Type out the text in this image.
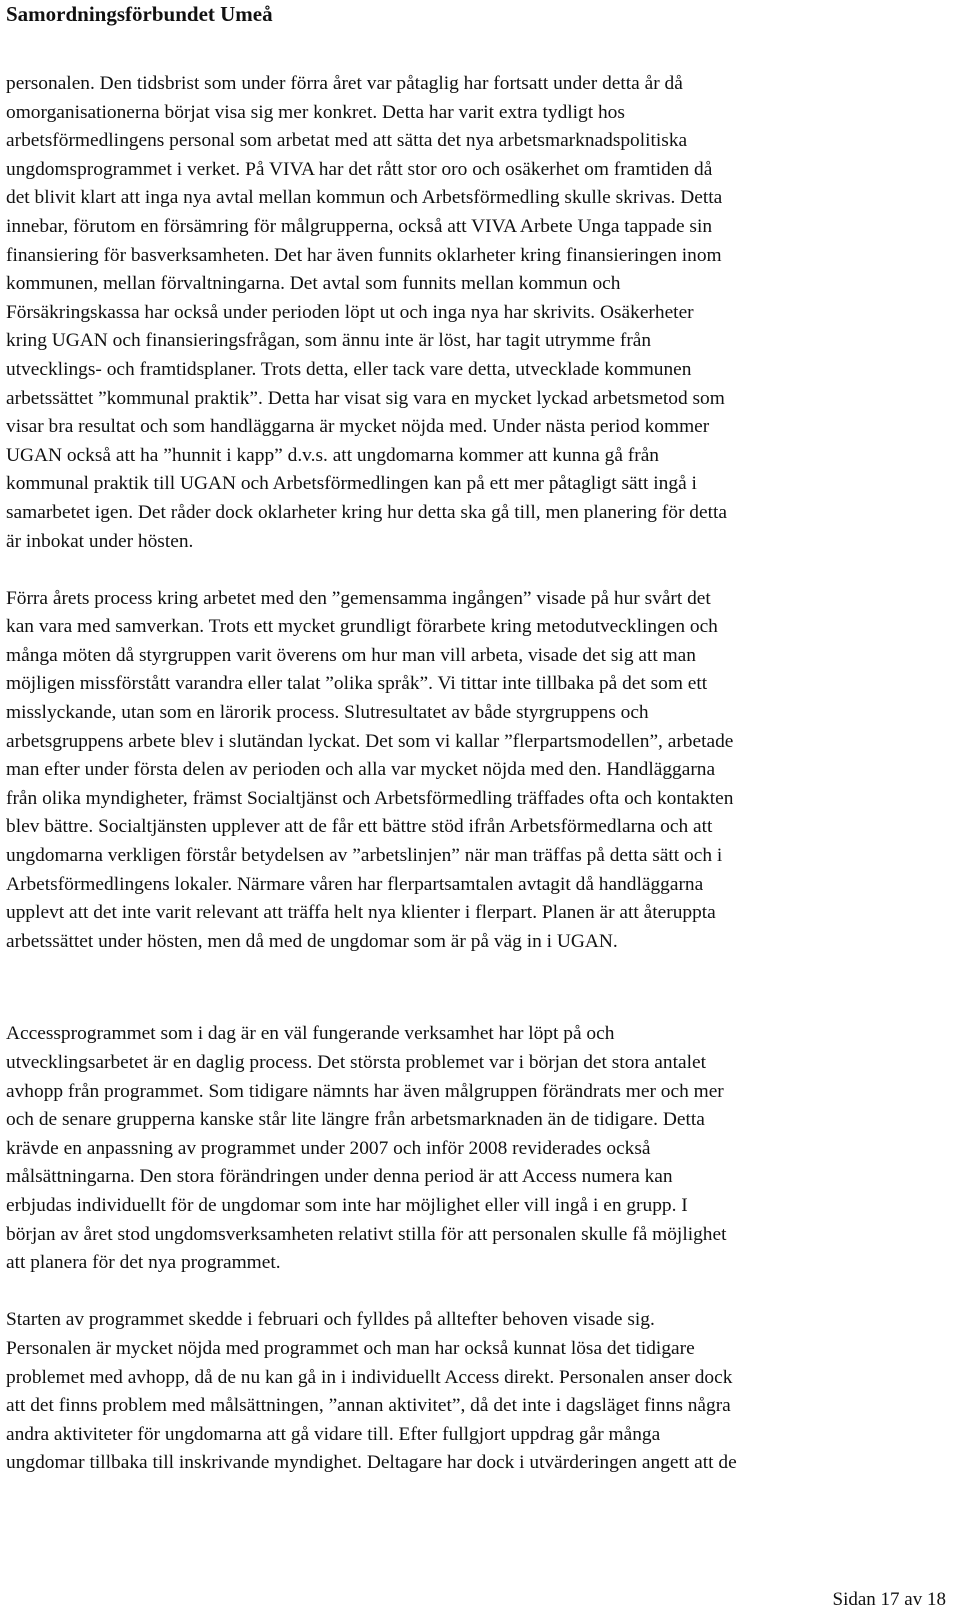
Samordningsförbundet Umeå
personalen. Den tidsbrist som under förra året var påtaglig har fortsatt under detta år då
omorganisationerna börjat visa sig mer konkret. Detta har varit extra tydligt hos
arbetsförmedlingens personal som arbetat med att sätta det nya arbetsmarknadspolitiska
ungdomsprogrammet i verket. På VIVA har det rått stor oro och osäkerhet om framtiden då
det blivit klart att inga nya avtal mellan kommun och Arbetsförmedling skulle skrivas. Detta
innebar, förutom en försämring för målgrupperna, också att VIVA Arbete Unga tappade sin
finansiering för basverksamheten. Det har även funnits oklarheter kring finansieringen inom
kommunen, mellan förvaltningarna. Det avtal som funnits mellan kommun och
Försäkringskassa har också under perioden löpt ut och inga nya har skrivits. Osäkerheter
kring UGAN och finansieringsfrågan, som ännu inte är löst, har tagit utrymme från
utvecklings- och framtidsplaner. Trots detta, eller tack vare detta, utvecklade kommunen
arbetssättet ”kommunal praktik”. Detta har visat sig vara en mycket lyckad arbetsmetod som
visar bra resultat och som handläggarna är mycket nöjda med. Under nästa period kommer
UGAN också att ha ”hunnit i kapp” d.v.s. att ungdomarna kommer att kunna gå från
kommunal praktik till UGAN och Arbetsförmedlingen kan på ett mer påtagligt sätt ingå i
samarbetet igen. Det råder dock oklarheter kring hur detta ska gå till, men planering för detta
är inbokat under hösten.
Förra årets process kring arbetet med den ”gemensamma ingången” visade på hur svårt det
kan vara med samverkan. Trots ett mycket grundligt förarbete kring metodutvecklingen och
många möten då styrgruppen varit överens om hur man vill arbeta, visade det sig att man
möjligen missförstått varandra eller talat ”olika språk”. Vi tittar inte tillbaka på det som ett
misslyckande, utan som en lärorik process. Slutresultatet av både styrgruppens och
arbetsgruppens arbete blev i slutändan lyckat. Det som vi kallar ”flerpartsmodellen”, arbetade
man efter under första delen av perioden och alla var mycket nöjda med den. Handläggarna
från olika myndigheter, främst Socialtjänst och Arbetsförmedling träffades ofta och kontakten
blev bättre. Socialtjänsten upplever att de får ett bättre stöd ifrån Arbetsförmedlarna och att
ungdomarna verkligen förstår betydelsen av ”arbetslinjen” när man träffas på detta sätt och i
Arbetsförmedlingens lokaler. Närmare våren har flerpartsamtalen avtagit då handläggarna
upplevt att det inte varit relevant att träffa helt nya klienter i flerpart. Planen är att återuppta
arbetssättet under hösten, men då med de ungdomar som är på väg in i UGAN.
Accessprogrammet som i dag är en väl fungerande verksamhet har löpt på och
utvecklingsarbetet är en daglig process. Det största problemet var i början det stora antalet
avhopp från programmet. Som tidigare nämnts har även målgruppen förändrats mer och mer
och de senare grupperna kanske står lite längre från arbetsmarknaden än de tidigare. Detta
krävde en anpassning av programmet under 2007 och inför 2008 reviderades också
målsättningarna. Den stora förändringen under denna period är att Access numera kan
erbjudas individuellt för de ungdomar som inte har möjlighet eller vill ingå i en grupp. I
början av året stod ungdomsverksamheten relativt stilla för att personalen skulle få möjlighet
att planera för det nya programmet.
Starten av programmet skedde i februari och fylldes på alltefter behoven visade sig.
Personalen är mycket nöjda med programmet och man har också kunnat lösa det tidigare
problemet med avhopp, då de nu kan gå in i individuellt Access direkt. Personalen anser dock
att det finns problem med målsättningen, ”annan aktivitet”, då det inte i dagsläget finns några
andra aktiviteter för ungdomarna att gå vidare till. Efter fullgjort uppdrag går många
ungdomar tillbaka till inskrivande myndighet. Deltagare har dock i utvärderingen angett att de
Sidan 17 av 18
